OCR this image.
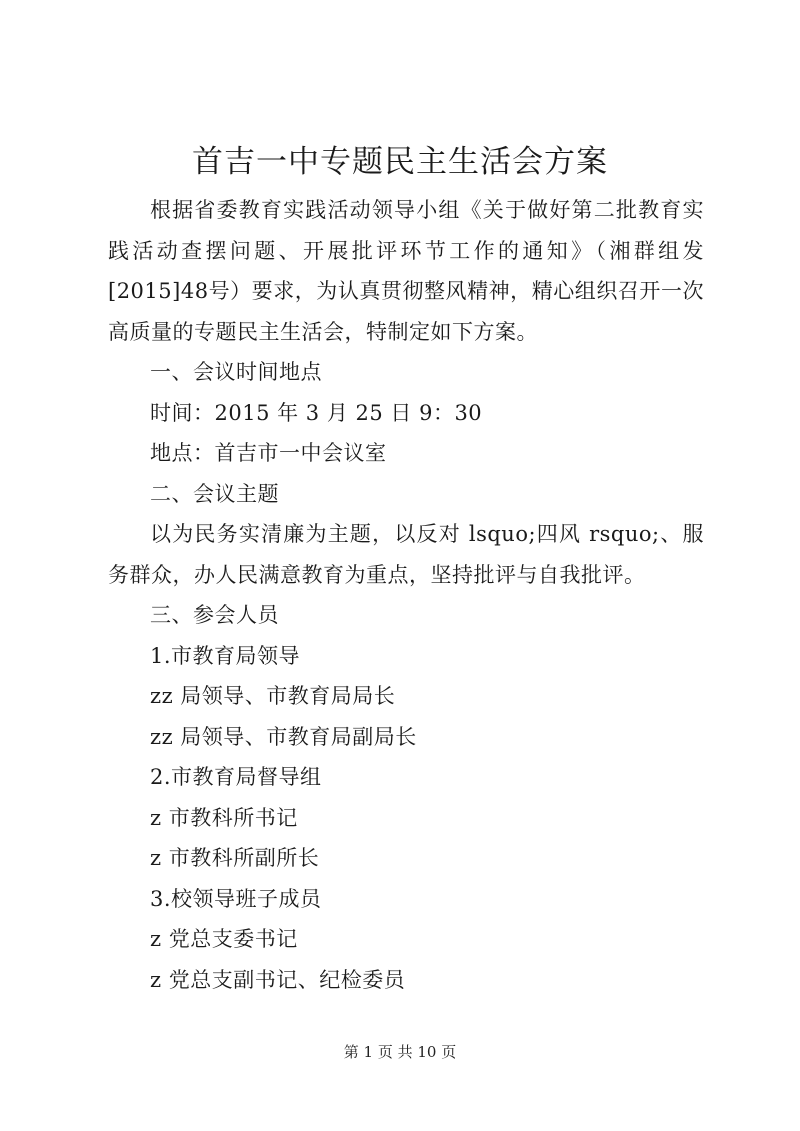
首吉一中专题民主生活会方案

根据省委教育实践活动领导小组《关于做好第二批教育实践活动查摆问题、开展批评环节工作的通知》（湘群组发[2015]48号）要求，为认真贯彻整风精神，精心组织召开一次高质量的专题民主生活会，特制定如下方案。

一、会议时间地点

时间：2015 年 3 月 25 日 9：30

地点：首吉市一中会议室

二、会议主题

以为民务实清廉为主题，以反对 lsquo;四风 rsquo;、服务群众，办人民满意教育为重点，坚持批评与自我批评。

三、参会人员

1.市教育局领导

zz 局领导、市教育局局长

zz 局领导、市教育局副局长

2.市教育局督导组

z 市教科所书记

z 市教科所副所长

3.校领导班子成员

z 党总支委书记

z 党总支副书记、纪检委员

第 1 页 共 10 页
